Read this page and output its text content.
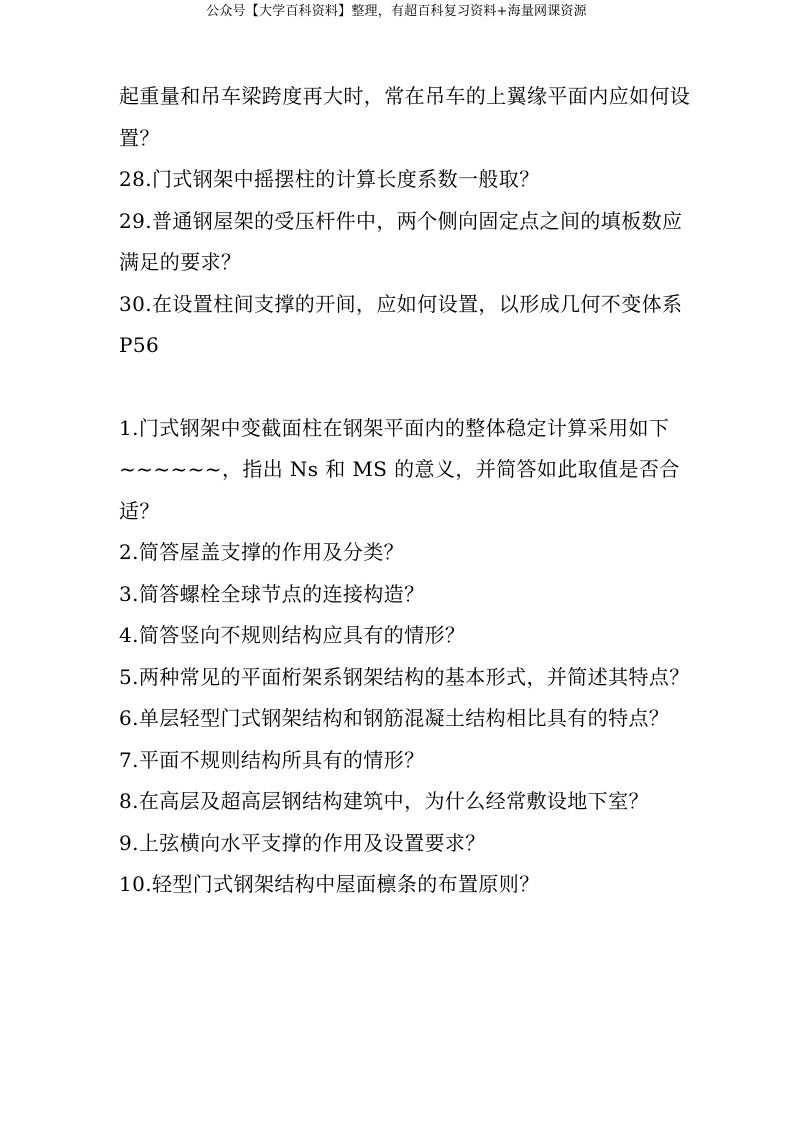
公众号【大学百科资料】整理，有超百科复习资料+海量网课资源

起重量和吊车梁跨度再大时，常在吊车的上翼缘平面内应如何设置？

28.门式钢架中摇摆柱的计算长度系数一般取？

29.普通钢屋架的受压杆件中，两个侧向固定点之间的填板数应满足的要求？

30.在设置柱间支撑的开间，应如何设置，以形成几何不变体系 P56

1.门式钢架中变截面柱在钢架平面内的整体稳定计算采用如下~~~~~~，指出 Ns 和 MS 的意义，并简答如此取值是否合适？

2.简答屋盖支撑的作用及分类？

3.简答螺栓全球节点的连接构造？

4.简答竖向不规则结构应具有的情形？

5.两种常见的平面桁架系钢架结构的基本形式，并简述其特点？

6.单层轻型门式钢架结构和钢筋混凝土结构相比具有的特点？

7.平面不规则结构所具有的情形？

8.在高层及超高层钢结构建筑中，为什么经常敷设地下室？

9.上弦横向水平支撑的作用及设置要求？

10.轻型门式钢架结构中屋面檩条的布置原则？
